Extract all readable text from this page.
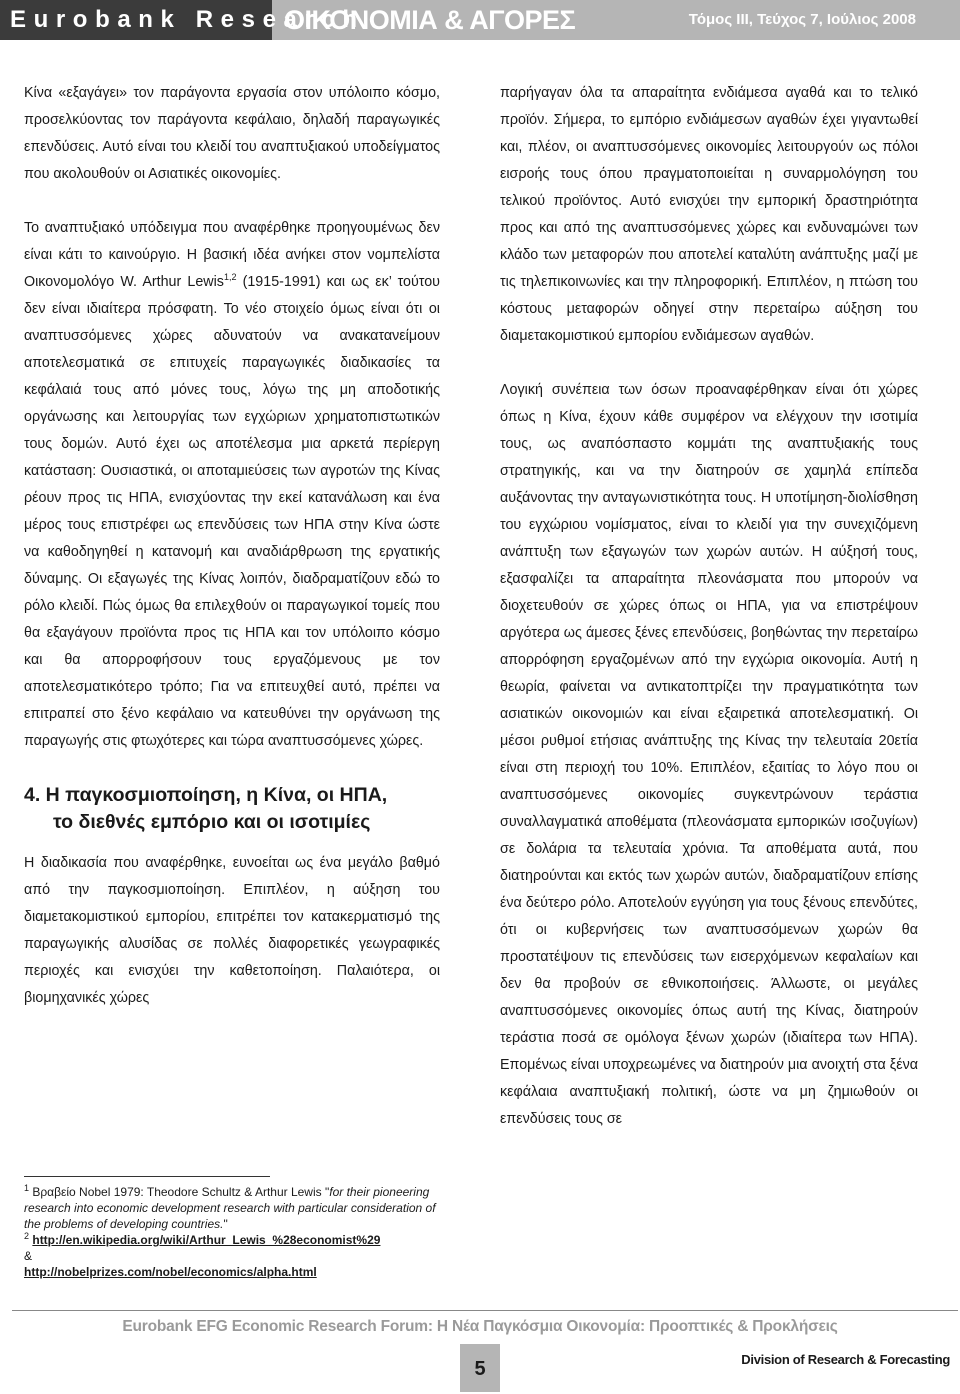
Eurobank Research
ΟΙΚΟΝΟΜΙΑ & ΑΓΟΡΕΣ	Τόμος III, Τεύχος 7, Ιούλιος 2008

Κίνα «εξαγάγει» τον παράγοντα εργασία στον υπόλοιπο κόσμο, προσελκύοντας τον παράγοντα κεφάλαιο, δηλαδή παραγωγικές επενδύσεις. Αυτό είναι του κλειδί του αναπτυξιακού υποδείγματος που ακολουθούν οι Ασιατικές οικονομίες.

Το αναπτυξιακό υπόδειγμα που αναφέρθηκε προηγουμένως δεν είναι κάτι το καινούργιο. Η βασική ιδέα ανήκει στον νομπελίστα Οικονομολόγο W. Arthur Lewis$^{1,2}$ (1915-1991) και ως εκ’ τούτου δεν είναι ιδιαίτερα πρόσφατη. Το νέο στοιχείο όμως είναι ότι οι αναπτυσσόμενες χώρες αδυνατούν να ανακατανείμουν αποτελεσματικά σε επιτυχείς παραγωγικές διαδικασίες τα κεφάλαιά τους από μόνες τους, λόγω της μη αποδοτικής οργάνωσης και λειτουργίας των εγχώριων χρηματοπιστωτικών τους δομών. Αυτό έχει ως αποτέλεσμα μια αρκετά περίεργη κατάσταση: Ουσιαστικά, οι αποταμιεύσεις των αγροτών της Κίνας ρέουν προς τις ΗΠΑ, ενισχύοντας την εκεί κατανάλωση και ένα μέρος τους επιστρέφει ως επενδύσεις των ΗΠΑ στην Κίνα ώστε να καθοδηγηθεί η κατανομή και αναδιάρθρωση της εργατικής δύναμης. Οι εξαγωγές της Κίνας λοιπόν, διαδραματίζουν εδώ το ρόλο κλειδί. Πώς όμως θα επιλεχθούν οι παραγωγικοί τομείς που θα εξαγάγουν προϊόντα προς τις ΗΠΑ και τον υπόλοιπο κόσμο και θα απορροφήσουν τους εργαζόμενους με τον αποτελεσματικότερο τρόπο; Για να επιτευχθεί αυτό, πρέπει να επιτραπεί στο ξένο κεφάλαιο να κατευθύνει την οργάνωση της παραγωγής στις φτωχότερες και τώρα αναπτυσσόμενες χώρες.

4. Η παγκοσμιοποίηση, η Κίνα, οι ΗΠΑ,
το διεθνές εμπόριο και οι ισοτιμίες

Η διαδικασία που αναφέρθηκε, ευνοείται ως ένα μεγάλο βαθμό από την παγκοσμιοποίηση. Επιπλέον, η αύξηση του διαμετακομιστικού εμπορίου, επιτρέπει τον κατακερματισμό της παραγωγικής αλυσίδας σε πολλές διαφορετικές γεωγραφικές περιοχές και ενισχύει την καθετοποίηση. Παλαιότερα, οι βιομηχανικές χώρες

$^1$ Βραβείο Nobel 1979: Theodore Schultz & Arthur Lewis "for their pioneering research into economic development research with particular consideration of the problems of developing countries."

$^2$ http://en.wikipedia.org/wiki/Arthur_Lewis_%28economist%29

&

http://nobelprizes.com/nobel/economics/alpha.html

παρήγαγαν όλα τα απαραίτητα ενδιάμεσα αγαθά και το τελικό προϊόν. Σήμερα, το εμπόριο ενδιάμεσων αγαθών έχει γιγαντωθεί και, πλέον, οι αναπτυσσόμενες οικονομίες λειτουργούν ως πόλοι εισροής τους όπου πραγματοποιείται η συναρμολόγηση του τελικού προϊόντος. Αυτό ενισχύει την εμπορική δραστηριότητα προς και από της αναπτυσσόμενες χώρες και ενδυναμώνει των κλάδο των μεταφορών που αποτελεί καταλύτη ανάπτυξης μαζί με τις τηλεπικοινωνίες και την πληροφορική. Επιπλέον, η πτώση του κόστους μεταφορών οδηγεί στην περεταίρω αύξηση του διαμετακομιστικού εμπορίου ενδιάμεσων αγαθών.

Λογική συνέπεια των όσων προαναφέρθηκαν είναι ότι χώρες όπως η Κίνα, έχουν κάθε συμφέρον να ελέγχουν την ισοτιμία τους, ως αναπόσπαστο κομμάτι της αναπτυξιακής τους στρατηγικής, και να την διατηρούν σε χαμηλά επίπεδα αυξάνοντας την ανταγωνιστικότητα τους. Η υποτίμηση-διολίσθηση του εγχώριου νομίσματος, είναι το κλειδί για την συνεχιζόμενη ανάπτυξη των εξαγωγών των χωρών αυτών. Η αύξησή τους, εξασφαλίζει τα απαραίτητα πλεονάσματα που μπορούν να διοχετευθούν σε χώρες όπως οι ΗΠΑ, για να επιστρέψουν αργότερα ως άμεσες ξένες επενδύσεις, βοηθώντας την περεταίρω απορρόφηση εργαζομένων από την εγχώρια οικονομία. Αυτή η θεωρία, φαίνεται να αντικατοπτρίζει την πραγματικότητα των ασιατικών οικονομιών και είναι εξαιρετικά αποτελεσματική. Οι μέσοι ρυθμοί ετήσιας ανάπτυξης της Κίνας την τελευταία 20ετία είναι στη περιοχή του 10%. Επιπλέον, εξαιτίας το λόγο που οι αναπτυσσόμενες οικονομίες συγκεντρώνουν τεράστια συναλλαγματικά αποθέματα (πλεονάσματα εμπορικών ισοζυγίων) σε δολάρια τα τελευταία χρόνια. Τα αποθέματα αυτά, που διατηρούνται και εκτός των χωρών αυτών, διαδραματίζουν επίσης ένα δεύτερο ρόλο. Αποτελούν εγγύηση για τους ξένους επενδύτες, ότι οι κυβερνήσεις των αναπτυσσόμενων χωρών θα προστατέψουν τις επενδύσεις των εισερχόμενων κεφαλαίων και δεν θα προβούν σε εθνικοποιήσεις. Άλλωστε, οι μεγάλες αναπτυσσόμενες οικονομίες όπως αυτή της Κίνας, διατηρούν τεράστια ποσά σε ομόλογα ξένων χωρών (ιδιαίτερα των ΗΠΑ). Επομένως είναι υποχρεωμένες να διατηρούν μια ανοιχτή στα ξένα κεφάλαια αναπτυξιακή πολιτική, ώστε να μη ζημιωθούν οι επενδύσεις τους σε

Eurobank EFG Economic Research Forum: Η Νέα Παγκόσμια Οικονομία: Προοπτικές & Προκλήσεις
5	Division of Research & Forecasting
